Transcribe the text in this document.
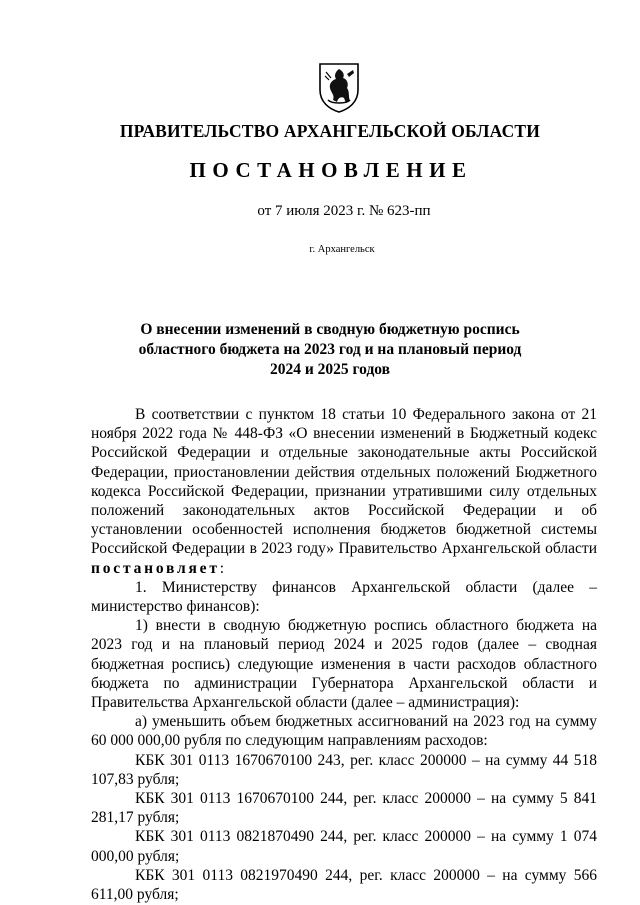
ПРАВИТЕЛЬСТВО АРХАНГЕЛЬСКОЙ ОБЛАСТИ
ПОСТАНОВЛЕНИЕ
от 7 июля 2023 г. № 623-пп
г. Архангельск
О внесении изменений в сводную бюджетную роспись
областного бюджета на 2023 год и на плановый период
2024 и 2025 годов

В соответствии с пунктом 18 статьи 10 Федерального закона от 21 ноября 2022 года № 448-ФЗ «О внесении изменений в Бюджетный кодекс Российской Федерации и отдельные законодательные акты Российской Федерации, приостановлении действия отдельных положений Бюджетного кодекса Российской Федерации, признании утратившими силу отдельных положений законодательных актов Российской Федерации и об установлении особенностей исполнения бюджетов бюджетной системы Российской Федерации в 2023 году» Правительство Архангельской области постановляет:

1. Министерству финансов Архангельской области (далее – министерство финансов):

1) внести в сводную бюджетную роспись областного бюджета на 2023 год и на плановый период 2024 и 2025 годов (далее – сводная бюджетная роспись) следующие изменения в части расходов областного бюджета по администрации Губернатора Архангельской области и Правительства Архангельской области (далее – администрация):

а) уменьшить объем бюджетных ассигнований на 2023 год на сумму 60 000 000,00 рубля по следующим направлениям расходов:

КБК 301 0113 1670670100 243, рег. класс 200000 – на сумму 44 518 107,83 рубля;

КБК 301 0113 1670670100 244, рег. класс 200000 – на сумму 5 841 281,17 рубля;

КБК 301 0113 0821870490 244, рег. класс 200000 – на сумму 1 074 000,00 рубля;

КБК 301 0113 0821970490 244, рег. класс 200000 – на сумму 566 611,00 рубля;
